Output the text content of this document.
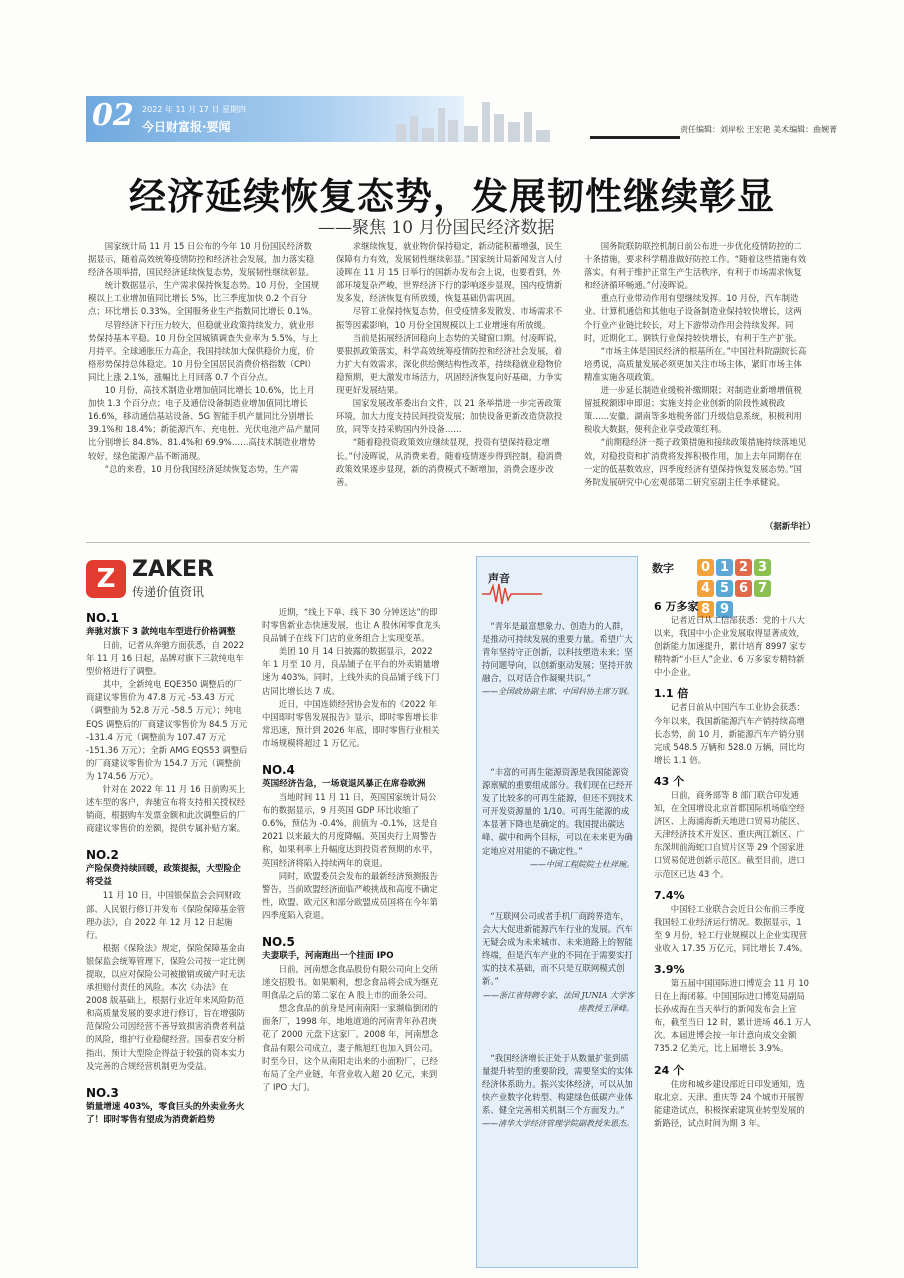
02 2022 年 11 月 17 日 星期四
今日财富报·要闻	责任编辑：刘岸松 王宏艳 美术编辑：曲婉菁
经济延续恢复态势，发展韧性继续彰显
——聚焦 10 月份国民经济数据

国家统计局 11 月 15 日公布的今年 10 月份国民经济数据显示，随着高效统筹疫情防控和经济社会发展，加力落实稳经济各项举措，国民经济延续恢复态势，发展韧性继续彰显。

统计数据显示，生产需求保持恢复态势。10 月份，全国规模以上工业增加值同比增长 5%，比三季度加快 0.2 个百分点；环比增长 0.33%。全国服务业生产指数同比增长 0.1%。

尽管经济下行压力较大，但稳就业政策持续发力，就业形势保持基本平稳。10 月份全国城镇调查失业率为 5.5%，与上月持平。全球通胀压力高企，我国持续加大保供稳价力度，价格形势保持总体稳定。10 月份全国居民消费价格指数（CPI）同比上涨 2.1%，涨幅比上月回落 0.7 个百分点。

10 月份，高技术制造业增加值同比增长 10.6%，比上月加快 1.3 个百分点；电子及通信设备制造业增加值同比增长 16.6%，移动通信基站设备、5G 智能手机产量同比分别增长 39.1%和 18.4%；新能源汽车、充电桩、光伏电池产品产量同比分别增长 84.8%、81.4%和 69.9%……高技术制造业增势较好，绿色能源产品不断涌现。

“总的来看，10 月份我国经济延续恢复态势，生产需

求继续恢复，就业物价保持稳定，新动能积蓄增强，民生保障有力有效，发展韧性继续彰显。”国家统计局新闻发言人付凌晖在 11 月 15 日举行的国新办发布会上说，也要看到，外部环境复杂严峻，世界经济下行的影响逐步显现，国内疫情新发多发，经济恢复有所放缓，恢复基础仍需巩固。

尽管工业保持恢复态势，但受疫情多发散发、市场需求不振等因素影响，10 月份全国规模以上工业增速有所放缓。

当前是拓展经济回稳向上态势的关键窗口期。付凌晖说，要狠抓政策落实，科学高效统筹疫情防控和经济社会发展，着力扩大有效需求，深化供给侧结构性改革，持续稳就业稳物价稳预期，更大激发市场活力，巩固经济恢复向好基础，力争实现更好发展结果。

国家发展改革委出台文件，以 21 条举措进一步完善政策环境，加大力度支持民间投资发展；加快设备更新改造贷款投放，同等支持采购国内外设备……

“随着稳投资政策效应继续显现，投资有望保持稳定增长。”付凌晖说，从消费来看，随着疫情逐步得到控制，稳消费政策效果逐步显现，新的消费模式不断增加，消费会逐步改善。

国务院联防联控机制日前公布进一步优化疫情防控的二十条措施，要求科学精准做好防控工作。“随着这些措施有效落实，有利于维护正常生产生活秩序，有利于市场需求恢复和经济循环畅通。”付凌晖说。

重点行业带动作用有望继续发挥。10 月份，汽车制造业、计算机通信和其他电子设备制造业保持较快增长，这两个行业产业链比较长，对上下游带动作用会持续发挥。同时，近期化工、钢铁行业保持较快增长，有利于生产扩张。

“市场主体是国民经济的根基所在。”中国社科院副院长高培勇说，高质量发展必须更加关注市场主体，紧盯市场主体精准实施各项政策。

进一步延长制造业缓税补缴期限；对制造业新增增值税留抵税额即申即退；实施支持企业创新的阶段性减税政策……安徽、湖南等多地税务部门升级信息系统，积极利用税收大数据，便利企业享受政策红利。

“前期稳经济一揽子政策措施和接续政策措施持续落地见效，对稳投资和扩消费将发挥积极作用，加上去年同期存在一定的低基数效应，四季度经济有望保持恢复发展态势。”国务院发展研究中心宏观部第二研究室副主任李承健说。

（据新华社）
Z ZAKER
传递价值资讯
NO.1
奔驰对旗下 3 款纯电车型进行价格调整

日前，记者从奔驰方面获悉，自 2022 年 11 月 16 日起，品牌对旗下三款纯电车型价格进行了调整。

其中，全新纯电 EQE350 调整后的厂商建议零售价为 47.8 万元 -53.43 万元（调整前为 52.8 万元 -58.5 万元）；纯电 EQS 调整后的厂商建议零售价为 84.5 万元 -131.4 万元（调整前为 107.47 万元 -151.36 万元）；全新 AMG EQS53 调整后的厂商建议零售价为 154.7 万元（调整前为 174.56 万元）。

针对在 2022 年 11 月 16 日前购买上述车型的客户，奔驰宣布将支持相关授权经销商，根据购车发票金额和此次调整后的厂商建议零售价的差额，提供专属补贴方案。

NO.2
产险保费持续回暖，政策提振，大型险企将受益

11 月 10 日，中国银保监会会同财政部、人民银行修订并发布《保险保障基金管理办法》，自 2022 年 12 月 12 日起施行。

根据《保险法》规定，保险保障基金由银保监会统筹管理下，保险公司按一定比例提取，以应对保险公司被撤销或破产时无法承担赔付责任的风险。本次《办法》在 2008 版基础上，根据行业近年来风险防范和高质量发展的要求进行修订，旨在增强防范保险公司因经营不善导致损害消费者利益的风险，维护行业稳健经营。国泰君安分析指出，预计大型险企得益于较强的资本实力及完善的合规经营机制更为受益。

NO.3
销量增速 403%，零食巨头的外卖业务火了！即时零售有望成为消费新趋势

近期，“线上下单、线下 30 分钟送达”的即时零售新业态快速发展，也让 A 股休闲零食龙头良品铺子在线下门店的业务组合上实现变革。

美团 10 月 14 日披露的数据显示，2022 年 1 月至 10 月，良品铺子在平台的外卖销量增速为 403%。同时，上线外卖的良品铺子线下门店同比增长达 7 成。

近日，中国连锁经营协会发布的《2022 年中国即时零售发展报告》显示，即时零售增长非常迅速，预计到 2026 年底，即时零售行业相关市场规模将超过 1 万亿元。

NO.4
英国经济告急，一场衰退风暴正在席卷欧洲

当地时间 11 月 11 日，英国国家统计局公布的数据显示，9 月英国 GDP 环比收缩了 0.6%，预估为 -0.4%，前值为 -0.1%，这是自 2021 以来最大的月度降幅。英国央行上周警告称，如果利率上升幅度达到投资者预期的水平，英国经济将陷入持续两年的衰退。

同时，欧盟委员会发布的最新经济预测报告警告，当前欧盟经济面临严峻挑战和高度不确定性，欧盟、欧元区和部分欧盟成员国将在今年第四季度陷入衰退。

NO.5
夫妻联手，河南跑出一个挂面 IPO

日前，河南想念食品股份有限公司向上交所递交招股书。如果顺利，想念食品将会成为继克明食品之后的第二家在 A 股上市的面条公司。

想念食品的前身是河南南阳一家濒临倒闭的面条厂，1998 年，地地道道的河南青年孙君庚花了 2000 元盘下这家厂。2008 年，河南想念食品有限公司成立，妻子熊旭红也加入到公司。时至今日，这个从南阳走出来的小面粉厂，已经布局了全产业链，年营业收入超 20 亿元，来到了 IPO 大门。

声音

“青年是最富想象力、创造力的人群，是推动可持续发展的重要力量。希望广大青年坚持守正创新，以科技塑造未来；坚持问题导向，以创新驱动发展；坚持开放融合，以对话合作凝聚共识。”

——全国政协副主席、中国科协主席万钢。

“丰富的可再生能源资源是我国能源资源禀赋的重要组成部分。我们现在已经开发了比较多的可再生能源，但还不到技术可开发资源量的 1/10。可再生能源的成本显著下降也是确定的。我国提出碳达峰、碳中和两个目标，可以在未来更为确定地应对用能的不确定性。”

——中国工程院院士杜祥琬。

“互联网公司或者手机厂商跨界造车，会大大促进新能源汽车行业的发展。汽车无疑会成为未来城市、未来道路上的智能终端，但是汽车产业的不同在于需要实打实的技术基础，而不只是互联网模式创新。”

——浙江省特聘专家、法国 JUNIA 大学客座教授王泽峰。

“我国经济增长正处于从数量扩张到质量提升转型的重要阶段，需要坚实的实体经济体系助力。振兴实体经济，可以从加快产业数字化转型、构建绿色低碳产业体系、健全完善相关机制三个方面发力。”

——清华大学经济管理学院副教授朱恩杰。

数字	0 1 2 34 5 6 78 9
6 万多家

记者近日从工信部获悉：党的十八大以来，我国中小企业发展取得显著成效，创新能力加速提升，累计培育 8997 家专精特新“小巨人”企业、6 万多家专精特新中小企业。

1.1 倍

记者日前从中国汽车工业协会获悉：今年以来，我国新能源汽车产销持续高增长态势，前 10 月，新能源汽车产销分别完成 548.5 万辆和 528.0 万辆，同比均增长 1.1 倍。

43 个

日前，商务部等 8 部门联合印发通知，在全国增设北京首都国际机场临空经济区、上海浦海新天地进口贸易功能区、天津经济技术开发区、重庆两江新区、广东深圳前海蛇口自贸片区等 29 个国家进口贸易促进创新示范区。截至目前，进口示范区已达 43 个。

7.4%

中国轻工业联合会近日公布前三季度我国轻工业经济运行情况。数据显示，1 至 9 月份，轻工行业规模以上企业实现营业收入 17.35 万亿元，同比增长 7.4%。

3.9%

第五届中国国际进口博览会 11 月 10 日在上海闭幕。中国国际进口博览局副局长孙成海在当天举行的新闻发布会上宣布，截至当日 12 时，累计进场 46.1 万人次。本届进博会按一年计意向成交金额 735.2 亿美元，比上届增长 3.9%。

24 个

住房和城乡建设部近日印发通知，选取北京、天津、重庆等 24 个城市开展智能建造试点，积极探索建筑业转型发展的新路径，试点时间为期 3 年。
